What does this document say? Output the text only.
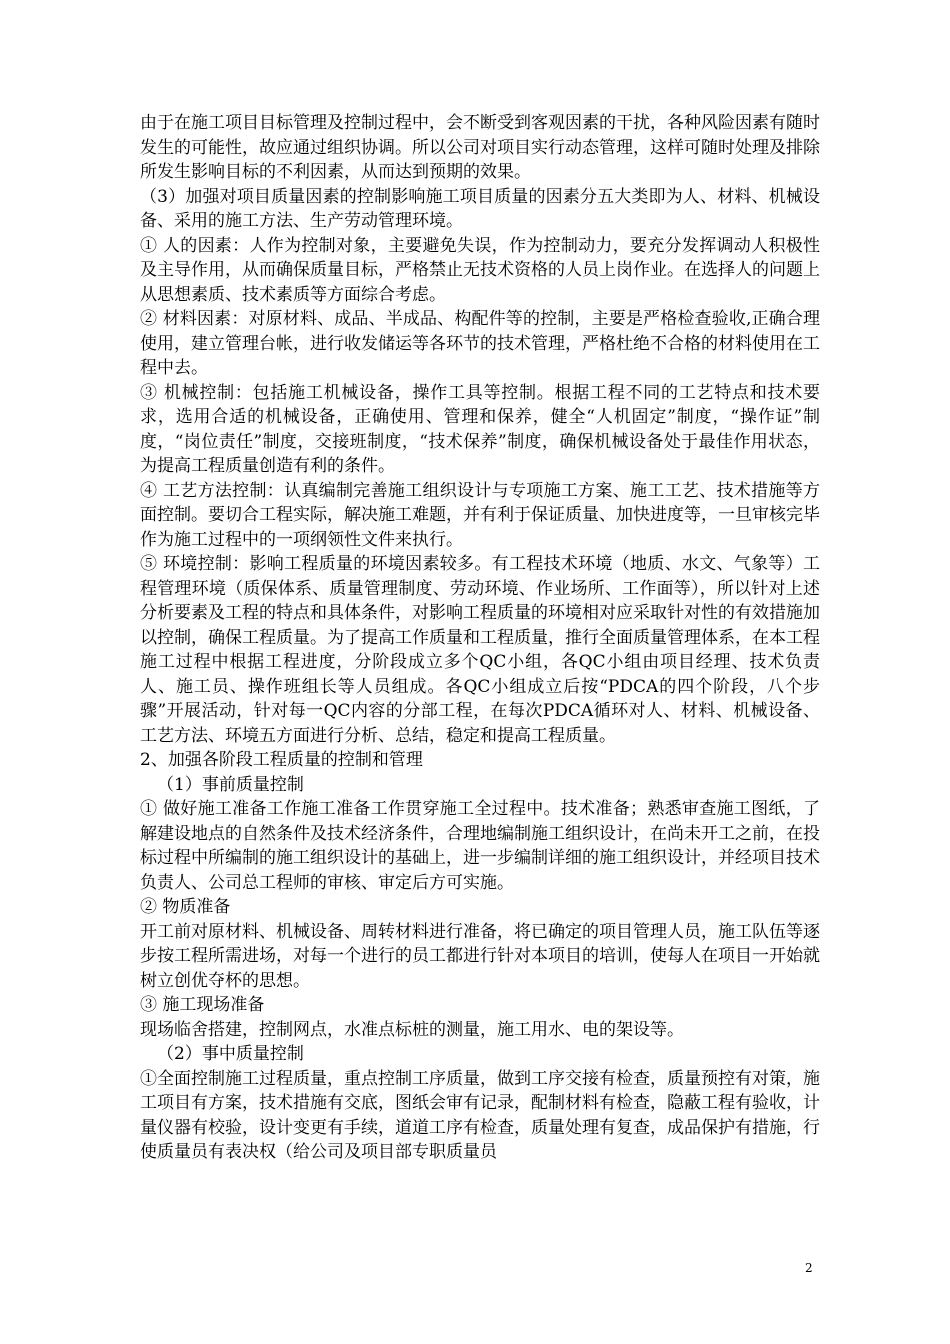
由于在施工项目目标管理及控制过程中，会不断受到客观因素的干扰，各种风险因素有随时发生的可能性，故应通过组织协调。所以公司对项目实行动态管理，这样可随时处理及排除所发生影响目标的不利因素，从而达到预期的效果。

（3）加强对项目质量因素的控制影响施工项目质量的因素分五大类即为人、材料、机械设备、采用的施工方法、生产劳动管理环境。

① 人的因素：人作为控制对象，主要避免失误，作为控制动力，要充分发挥调动人积极性及主导作用，从而确保质量目标，严格禁止无技术资格的人员上岗作业。在选择人的问题上从思想素质、技术素质等方面综合考虑。

② 材料因素：对原材料、成品、半成品、构配件等的控制，主要是严格检查验收,正确合理使用，建立管理台帐，进行收发储运等各环节的技术管理，严格杜绝不合格的材料使用在工程中去。

③ 机械控制：包括施工机械设备，操作工具等控制。根据工程不同的工艺特点和技术要求，选用合适的机械设备，正确使用、管理和保养，健全“人机固定”制度，“操作证”制度，“岗位责任”制度，交接班制度，“技术保养”制度，确保机械设备处于最佳作用状态，为提高工程质量创造有利的条件。

④ 工艺方法控制：认真编制完善施工组织设计与专项施工方案、施工工艺、技术措施等方面控制。要切合工程实际，解决施工难题，并有利于保证质量、加快进度等，一旦审核完毕作为施工过程中的一项纲领性文件来执行。

⑤ 环境控制：影响工程质量的环境因素较多。有工程技术环境（地质、水文、气象等）工程管理环境（质保体系、质量管理制度、劳动环境、作业场所、工作面等），所以针对上述分析要素及工程的特点和具体条件，对影响工程质量的环境相对应采取针对性的有效措施加以控制，确保工程质量。为了提高工作质量和工程质量，推行全面质量管理体系，在本工程施工过程中根据工程进度，分阶段成立多个QC小组，各QC小组由项目经理、技术负责人、施工员、操作班组长等人员组成。各QC小组成立后按“PDCA的四个阶段，八个步骤”开展活动，针对每一QC内容的分部工程，在每次PDCA循环对人、材料、机械设备、工艺方法、环境五方面进行分析、总结，稳定和提高工程质量。

2、加强各阶段工程质量的控制和管理

（1）事前质量控制

① 做好施工准备工作施工准备工作贯穿施工全过程中。技术准备；熟悉审查施工图纸，了解建设地点的自然条件及技术经济条件，合理地编制施工组织设计，在尚未开工之前，在投标过程中所编制的施工组织设计的基础上，进一步编制详细的施工组织设计，并经项目技术负责人、公司总工程师的审核、审定后方可实施。

② 物质准备

开工前对原材料、机械设备、周转材料进行准备，将已确定的项目管理人员，施工队伍等逐步按工程所需进场，对每一个进行的员工都进行针对本项目的培训，使每人在项目一开始就树立创优夺杯的思想。

③ 施工现场准备

现场临舍搭建，控制网点，水准点标桩的测量，施工用水、电的架设等。

（2）事中质量控制

①全面控制施工过程质量，重点控制工序质量，做到工序交接有检查，质量预控有对策，施工项目有方案，技术措施有交底，图纸会审有记录，配制材料有检查，隐蔽工程有验收，计量仪器有校验，设计变更有手续，道道工序有检查，质量处理有复查，成品保护有措施，行使质量员有表决权（给公司及项目部专职质量员

2
